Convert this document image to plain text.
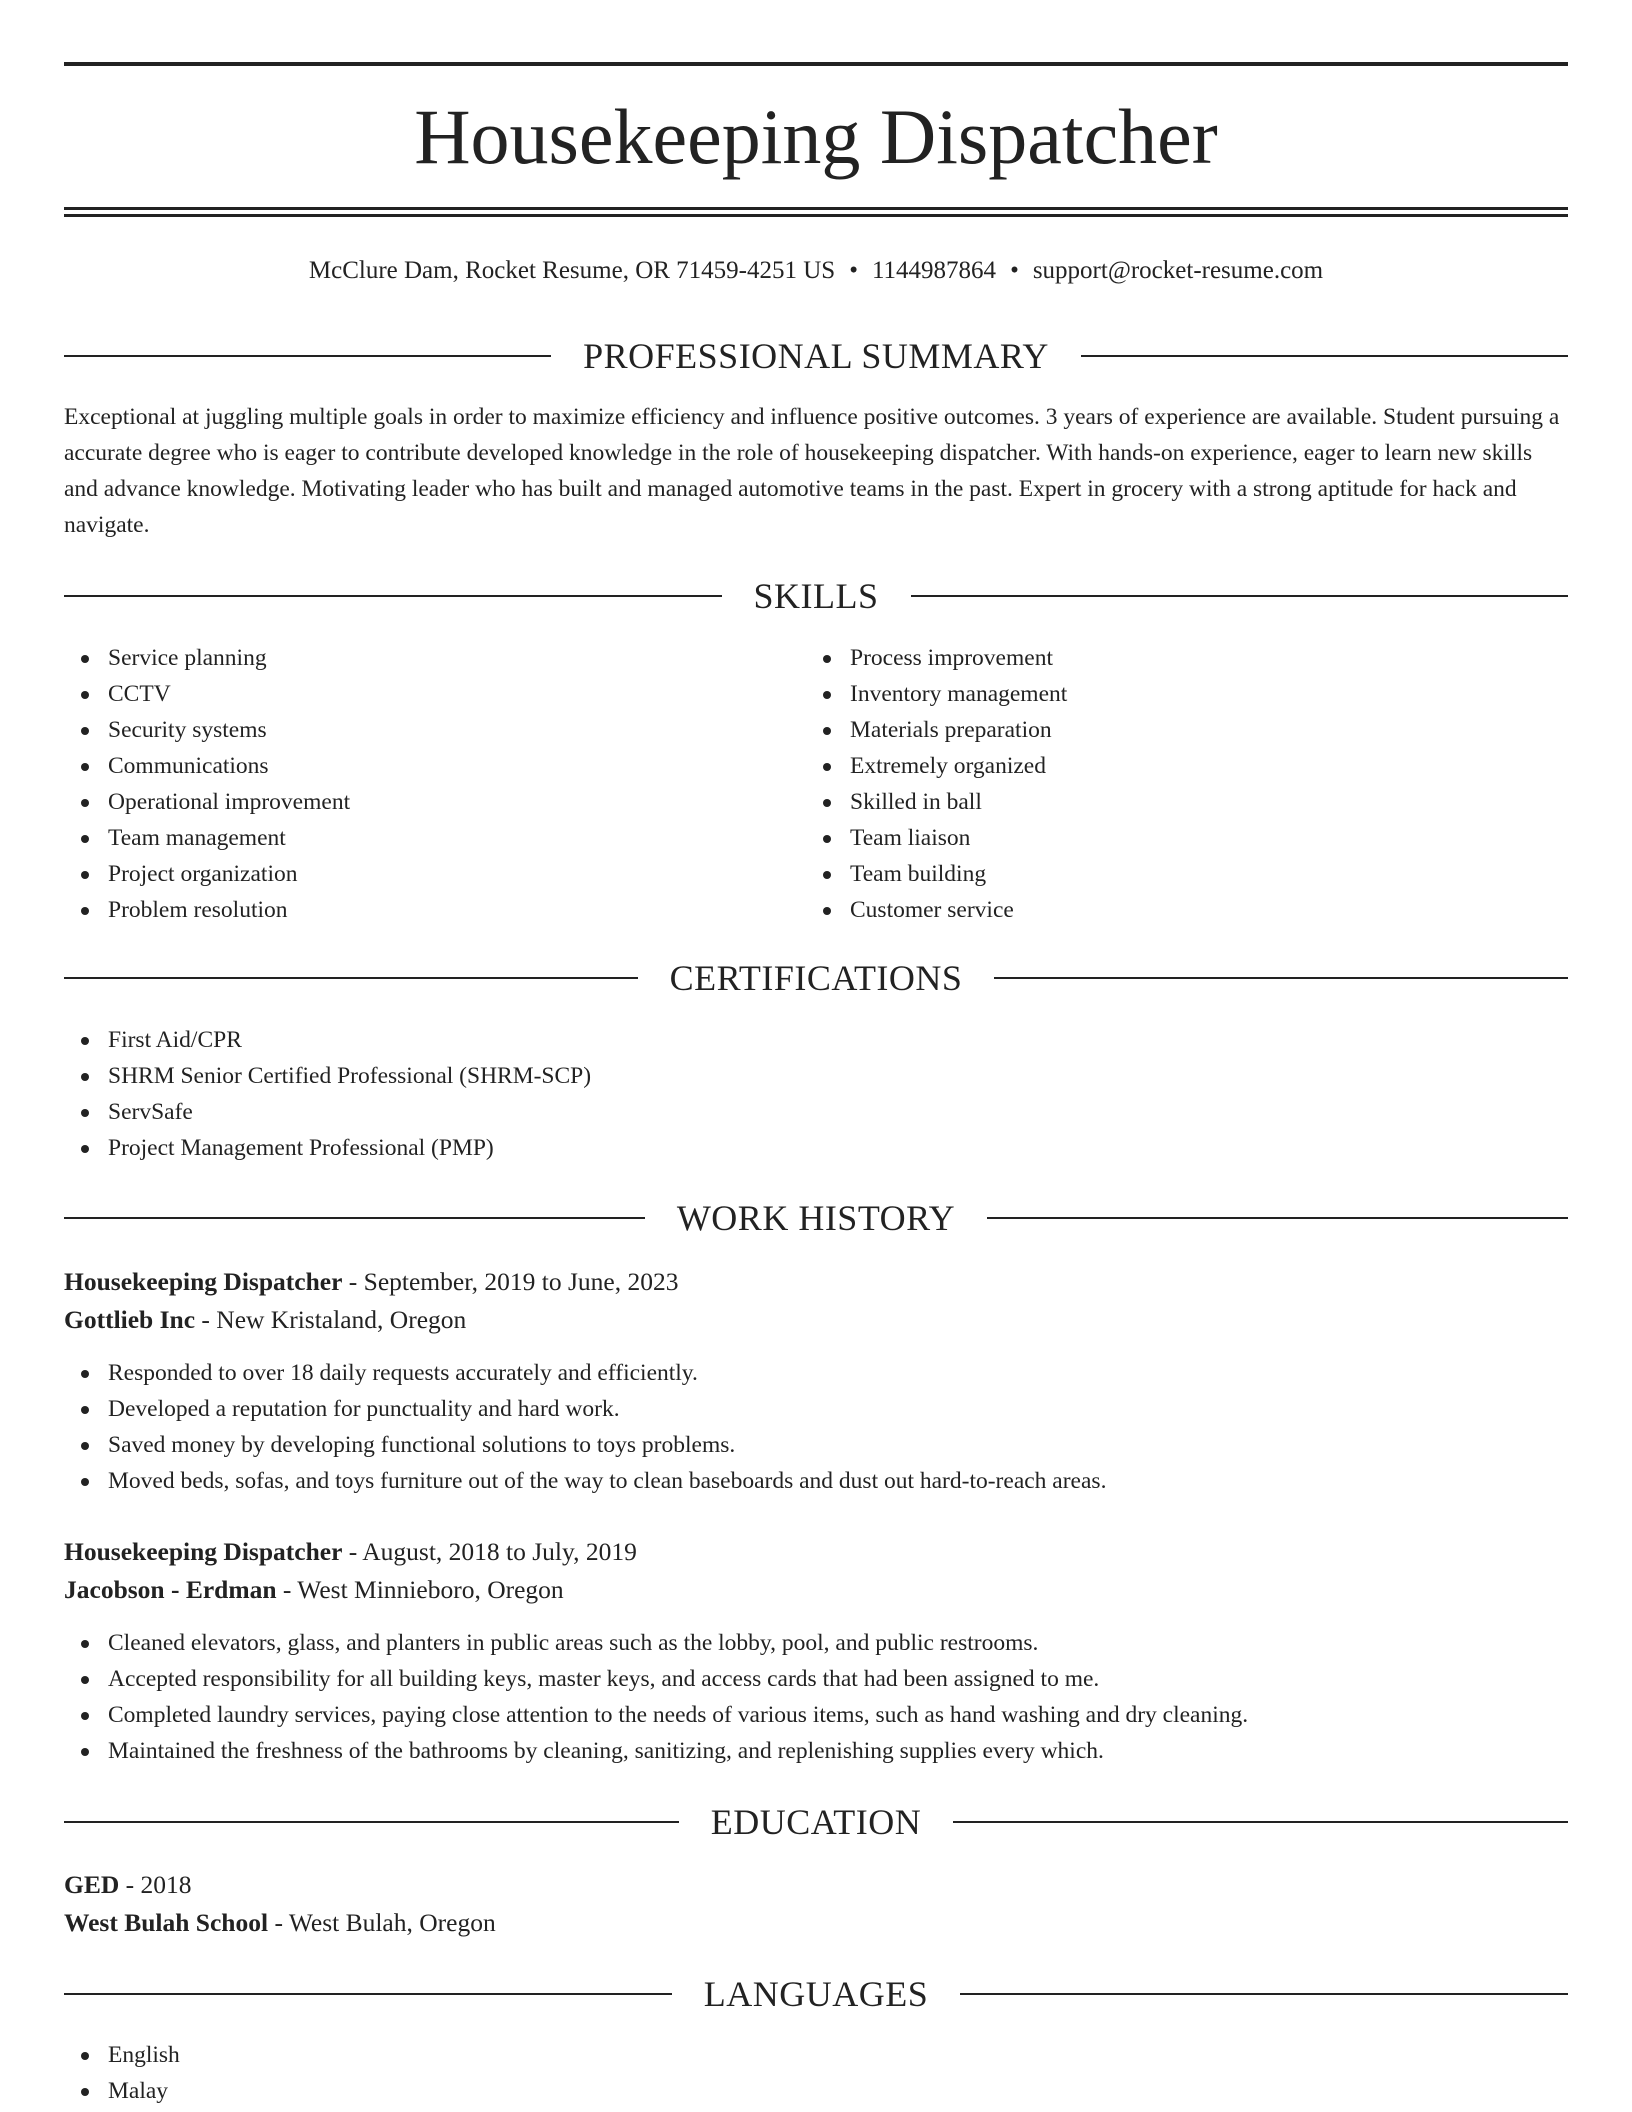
Housekeeping Dispatcher
McClure Dam, Rocket Resume, OR 71459-4251 US • 1144987864 • support@rocket-resume.com
PROFESSIONAL SUMMARY

Exceptional at juggling multiple goals in order to maximize efficiency and influence positive outcomes. 3 years of experience are available. Student pursuing a accurate degree who is eager to contribute developed knowledge in the role of housekeeping dispatcher. With hands-on experience, eager to learn new skills and advance knowledge. Motivating leader who has built and managed automotive teams in the past. Expert in grocery with a strong aptitude for hack and navigate.

SKILLS
Service planning
CCTV
Security systems
Communications
Operational improvement
Team management
Project organization
Problem resolution
Process improvement
Inventory management
Materials preparation
Extremely organized
Skilled in ball
Team liaison
Team building
Customer service
CERTIFICATIONS
First Aid/CPR
SHRM Senior Certified Professional (SHRM-SCP)
ServSafe
Project Management Professional (PMP)
WORK HISTORY
Housekeeping Dispatcher - September, 2019 to June, 2023
Gottlieb Inc - New Kristaland, Oregon
Responded to over 18 daily requests accurately and efficiently.
Developed a reputation for punctuality and hard work.
Saved money by developing functional solutions to toys problems.
Moved beds, sofas, and toys furniture out of the way to clean baseboards and dust out hard-to-reach areas.
Housekeeping Dispatcher - August, 2018 to July, 2019
Jacobson - Erdman - West Minnieboro, Oregon
Cleaned elevators, glass, and planters in public areas such as the lobby, pool, and public restrooms.
Accepted responsibility for all building keys, master keys, and access cards that had been assigned to me.
Completed laundry services, paying close attention to the needs of various items, such as hand washing and dry cleaning.
Maintained the freshness of the bathrooms by cleaning, sanitizing, and replenishing supplies every which.
EDUCATION
GED - 2018
West Bulah School - West Bulah, Oregon
LANGUAGES
English
Malay
